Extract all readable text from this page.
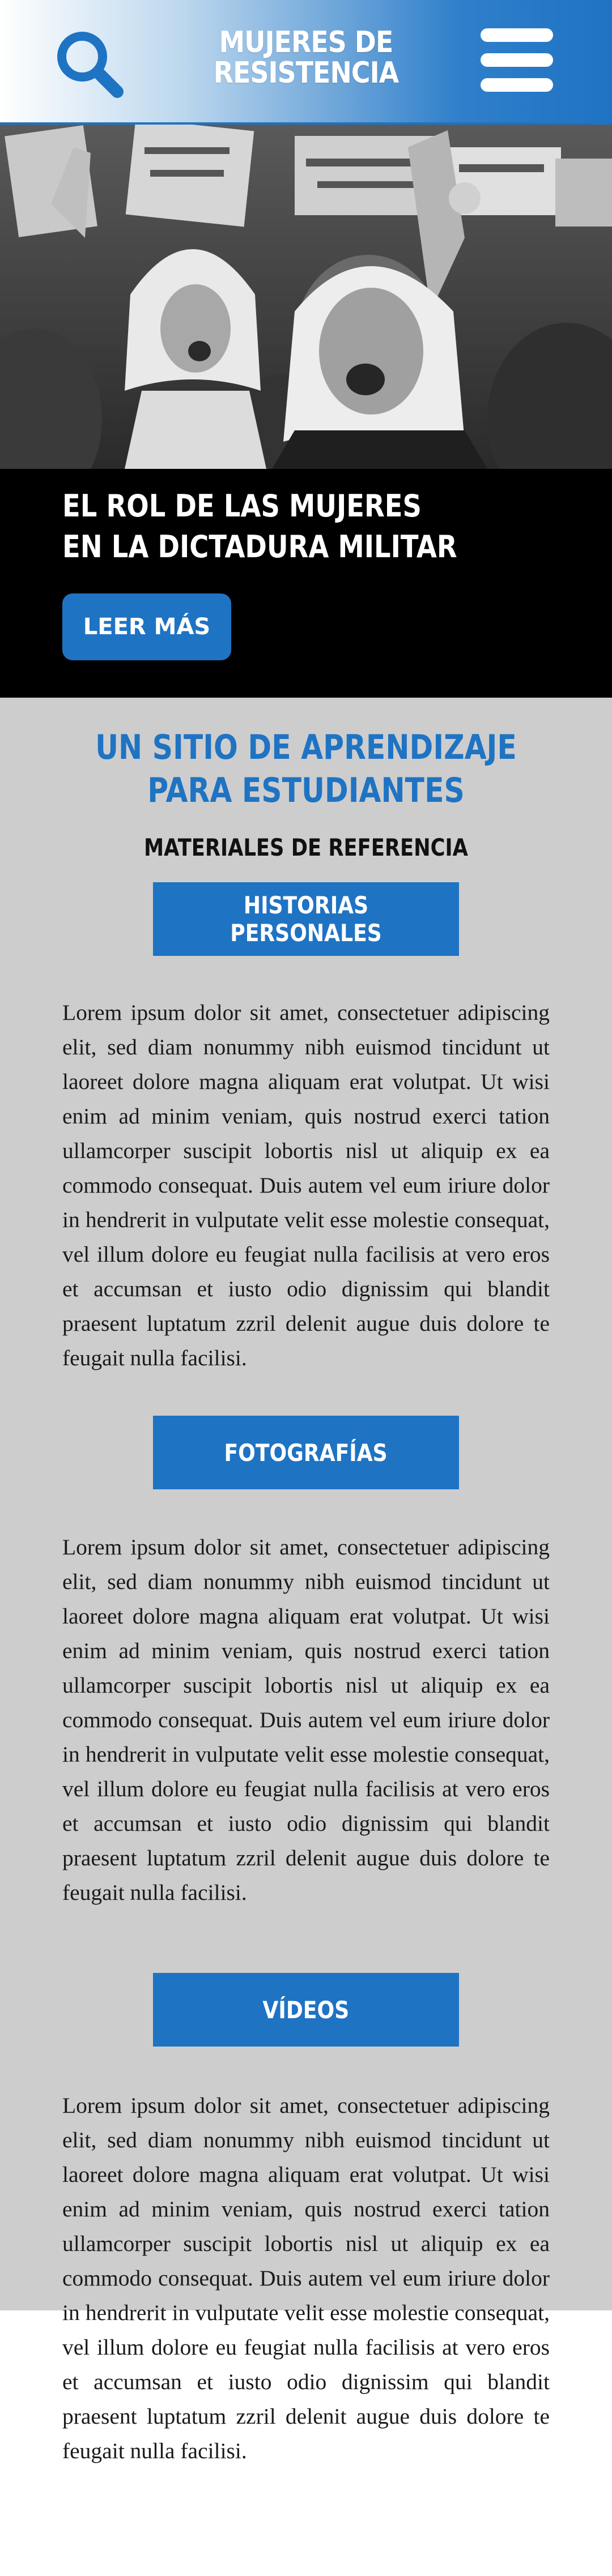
MUJERES DE
RESISTENCIA
EL ROL DE LAS MUJERES
EN LA DICTADURA MILITAR
LEER MÁS
UN SITIO DE APRENDIZAJE
PARA ESTUDIANTES
MATERIALES DE REFERENCIA
HISTORIAS PERSONALES

Lorem ipsum dolor sit amet, consectetuer adipiscing elit, sed diam nonummy nibh euismod tincidunt ut laoreet dolore magna aliquam erat volutpat. Ut wisi enim ad minim veniam, quis nostrud exerci tation ullamcorper suscipit lobortis nisl ut aliquip ex ea commodo consequat. Duis autem vel eum iriure dolor in hendrerit in vulputate velit esse molestie consequat, vel illum dolore eu feugiat nulla facilisis at vero eros et accumsan et iusto odio dignissim qui blandit praesent luptatum zzril delenit augue duis dolore te feugait nulla facilisi.

FOTOGRAFÍAS

Lorem ipsum dolor sit amet, consectetuer adipiscing elit, sed diam nonummy nibh euismod tincidunt ut laoreet dolore magna aliquam erat volutpat. Ut wisi enim ad minim veniam, quis nostrud exerci tation ullamcorper suscipit lobortis nisl ut aliquip ex ea commodo consequat. Duis autem vel eum iriure dolor in hendrerit in vulputate velit esse molestie consequat, vel illum dolore eu feugiat nulla facilisis at vero eros et accumsan et iusto odio dignissim qui blandit praesent luptatum zzril delenit augue duis dolore te feugait nulla facilisi.

VÍDEOS

Lorem ipsum dolor sit amet, consectetuer adipiscing elit, sed diam nonummy nibh euismod tincidunt ut laoreet dolore magna aliquam erat volutpat. Ut wisi enim ad minim veniam, quis nostrud exerci tation ullamcorper suscipit lobortis nisl ut aliquip ex ea commodo consequat. Duis autem vel eum iriure dolor in hendrerit in vulputate velit esse molestie consequat, vel illum dolore eu feugiat nulla facilisis at vero eros et accumsan et iusto odio dignissim qui blandit praesent luptatum zzril delenit augue duis dolore te feugait nulla facilisi.
